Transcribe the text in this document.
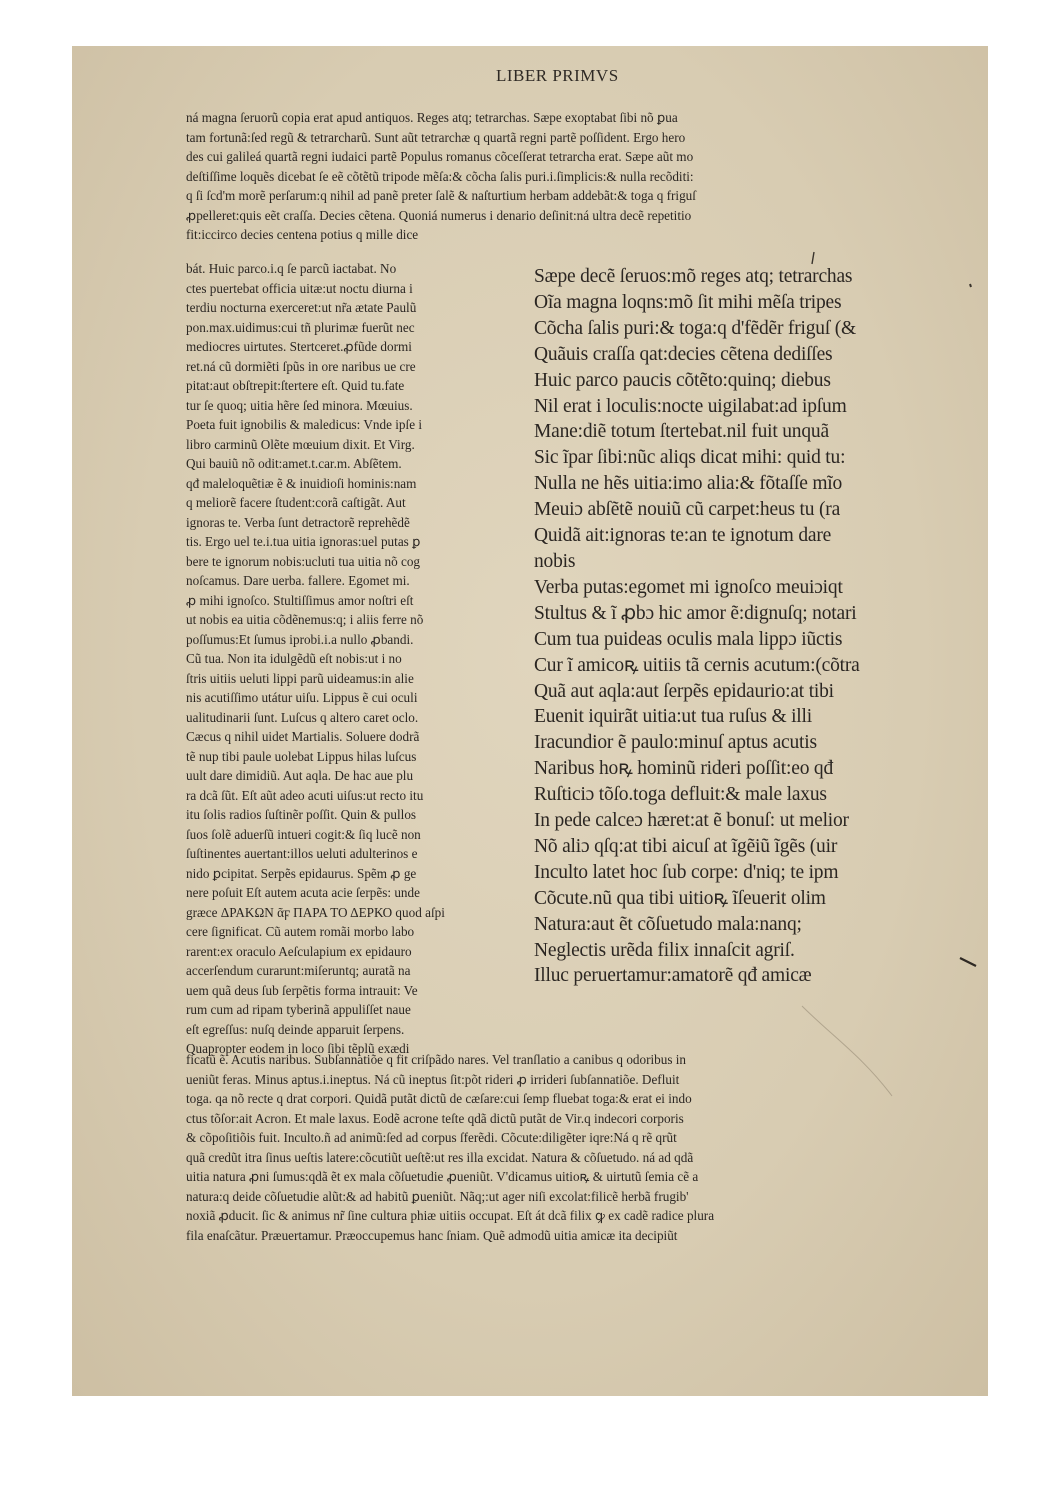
LIBER PRIMVS
ná magna ſeruorũ copia erat apud antiquos. Reges atq; tetrarchas. Sæpe exoptabat ſibi nõ ꝑua
tam fortunã:ſed regũ & tetrarcharũ. Sunt aũt tetrarchæ q quartã regni partẽ poſſident. Ergo hero
des cui galileá quartã regni iudaici partẽ Populus romanus cõceſſerat tetrarcha erat. Sæpe aũt mo
deſtiſſime loquẽs dicebat ſe eẽ cõtẽtũ tripode mẽſa:& cõcha ſalis puri.i.ſimplicis:& nulla recõditi:
q ſi ſcd'm morẽ perſarum:q nihil ad panẽ preter ſalẽ & naſturtium herbam addebãt:& toga q friguſ
ꝓpelleret:quis eẽt craſſa. Decies cẽtena. Quoniá numerus i denario deſinit:ná ultra decẽ repetitio
fit:iccirco decies centena potius q mille dice
bát. Huic parco.i.q ſe parcũ iactabat. No
ctes puertebat officia uitæ:ut noctu diurna i
terdiu nocturna exerceret:ut nr̃a ætate Paulũ
pon.max.uidimus:cui tñ plurimæ fuerũt nec
mediocres uirtutes. Stertceret.ꝓfũde dormi
ret.ná cũ dormiẽti ſpũs in ore naribus ue cre
pitat:aut obſtrepit:ſtertere eſt. Quid tu.fate
tur ſe quoq; uitia hẽre ſed minora. Mœuius.
Poeta fuit ignobilis & maledicus: Vnde ipſe i
libro carminũ Olẽte mœuium dixit. Et Virg.
Qui bauiũ nõ odit:amet.t.car.m. Abſẽtem.
qđ maleloquẽtiæ ẽ & inuidioſi hominis:nam
q meliorẽ facere ſtudent:corã caſtigãt. Aut
ignoras te. Verba ſunt detractorẽ reprehẽdẽ
tis. Ergo uel te.i.tua uitia ignoras:uel putas ꝑ
bere te ignorum nobis:ucluti tua uitia nõ cog
noſcamus. Dare uerba. fallere. Egomet mi.
ꝓ mihi ignoſco. Stultiſſimus amor noſtri eſt
ut nobis ea uitia cõdẽnemus:q; i aliis ferre nõ
poſſumus:Et ſumus iprobi.i.a nullo ꝓbandi.
Cũ tua. Non ita idulgẽdũ eſt nobis:ut i no
ſtris uitiis ueluti lippi parũ uideamus:in alie
nis acutiſſimo utátur uiſu. Lippus ẽ cui oculi
ualitudinarii ſunt. Luſcus q altero caret oclo.
Cæcus q nihil uidet Martialis. Soluere dodrã
tẽ nup tibi paule uolebat Lippus hilas luſcus
uult dare dimidiũ. Aut aqla. De hac aue plu
ra dcã ſũt. Eſt aũt adeo acuti uiſus:ut recto itu
itu ſolis radios ſuſtinẽr poſſit. Quin & pullos
ſuos ſolẽ aduerſũ intueri cogit:& ſiq lucẽ non
ſuſtinentes auertant:illos ueluti adulterinos e
nido ꝑcipitat. Serpẽs epidaurus. Spẽm ꝓ ge
nere poſuit Eſt autem acuta acie ſerpẽs: unde
græce ΔΡΑΚΩΝ ᾶϝ ΠΑΡΑ ΤΟ ΔΕΡΚΟ quod aſpi
cere ſignificat. Cũ autem romãi morbo labo
rarent:ex oraculo Aeſculapium ex epidauro
accerſendum curarunt:miſeruntq; auratã na
uem quã deus ſub ſerpẽtis forma intrauit: Ve
rum cum ad ripam tyberinã appuliſſet naue
eſt egreſſus: nuſq deinde apparuit ſerpens.
Quapropter eodem in loco ſibi tẽplũ exædi
Sæpe decẽ ſeruos:mõ reges atq; tetrarchas
Oĩa magna loqns:mõ ſit mihi mẽſa tripes
Cõcha ſalis puri:& toga:q d'fẽdẽr friguſ (&
Quãuis craſſa qat:decies cẽtena dediſſes
Huic parco paucis cõtẽto:quinq; diebus
Nil erat i loculis:nocte uigilabat:ad ipſum
Mane:diẽ totum ſtertebat.nil fuit unquã
Sic ĩpar ſibi:nũc aliqs dicat mihi: quid tu:
Nulla ne hẽs uitia:imo alia:& fõtaſſe mĩo
Meuiɔ abſẽtẽ nouiũ cũ carpet:heus tu (ra
Quidã ait:ignoras te:an te ignotum dare
nobis
Verba putas:egomet mi ignoſco meuiɔiqt
Stultus & ĩ ꝓbɔ hic amor ẽ:dignuſq; notari
Cum tua puideas oculis mala lippɔ iũctis
Cur ĩ amicoꝶ uitiis tã cernis acutum:(cõtra
Quã aut aqla:aut ſerpẽs epidaurio:at tibi
Euenit iquirãt uitia:ut tua ruſus & illi
Iracundior ẽ paulo:minuſ aptus acutis
Naribus hoꝶ hominũ rideri poſſit:eo qđ
Ruſticiɔ tõſo.toga defluit:& male laxus
In pede calceɔ hæret:at ẽ bonuſ: ut melior
Nõ aliɔ qſq:at tibi aicuſ at ĩgẽiũ ĩgẽs (uir
Inculto latet hoc ſub corpe: d'niq; te ipm
Cõcute.nũ qua tibi uitioꝶ ĩſeuerit olim
Natura:aut ẽt cõſuetudo mala:nanq;
Neglectis urẽda filix innaſcit agriſ.
Illuc peruertamur:amatorẽ qđ amicæ
ficatũ ẽ. Acutis naribus. Subſannatiõe q fit criſpãdo nares. Vel tranſlatio a canibus q odoribus in
ueniũt feras. Minus aptus.i.ineptus. Ná cũ ineptus ſit:põt rideri ꝓ irrideri ſubſannatiõe. Defluit
toga. qa nõ recte q drat corpori. Quidã putãt dictũ de cæſare:cui ſemp fluebat toga:& erat ei indo
ctus tõſor:ait Acron. Et male laxus. Eodẽ acrone teſte qdã dictũ putãt de Vir.q indecori corporis
& cõpoſitiõis fuit. Inculto.ñ ad animũ:ſed ad corpus ſferẽdi. Cõcute:diligẽter iqre:Ná q rẽ qrũt
quã credũt itra ſinus ueſtis latere:cõcutiũt ueſtẽ:ut res illa excidat. Natura & cõſuetudo. ná ad qdã
uitia natura ꝓni ſumus:qdã ẽt ex mala cõſuetudie ꝓueniũt. V'dicamus uitioꝶ & uirtutũ ſemia cẽ a
natura:q deide cõſuetudie alũt:& ad habitũ ꝑueniũt. Nãq;:ut ager niſi excolat:filicẽ herbã frugib'
noxiã ꝓducit. ſic & animus nr̃ ſine cultura phiæ uitiis occupat. Eſt át dcã filix ꝙ ex cadẽ radice plura
fila enaſcãtur. Præuertamur. Præoccupemus hanc ſniam. Quẽ admodũ uitia amicæ ita decipiũt
